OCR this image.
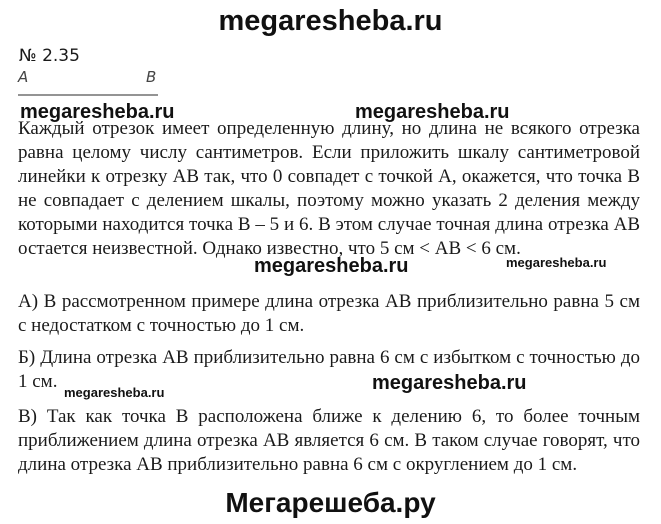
megaresheba.ru
№ 2.35
А	В
Каждый отрезок имеет определенную длину, но длина не всякого отрезка равна целому числу сантиметров. Если приложить шкалу сантиметровой линейки к отрезку АВ так, что 0 совпадет с точкой А, окажется, что точка В не совпадает с делением шкалы, поэтому можно указать 2 деления между которыми находится точка В – 5 и 6. В этом случае точная длина отрезка АВ остается неизвестной. Однако известно, что 5 см < АВ < 6 см.
А) В рассмотренном примере длина отрезка АВ приблизительно равна 5 см с недостатком с точностью до 1 см.
Б) Длина отрезка АВ приблизительно равна 6 см с избытком с точностью до 1 см.
В) Так как точка В расположена ближе к делению 6, то более точным приближением длина отрезка АВ является 6 см. В таком случае говорят, что длина отрезка АВ приблизительно равна 6 см с округлением до 1 см.
megaresheba.ru	megaresheba.ru
megaresheba.ru	megaresheba.ru
megaresheba.ru	megaresheba.ru
Мегарешеба.ру
